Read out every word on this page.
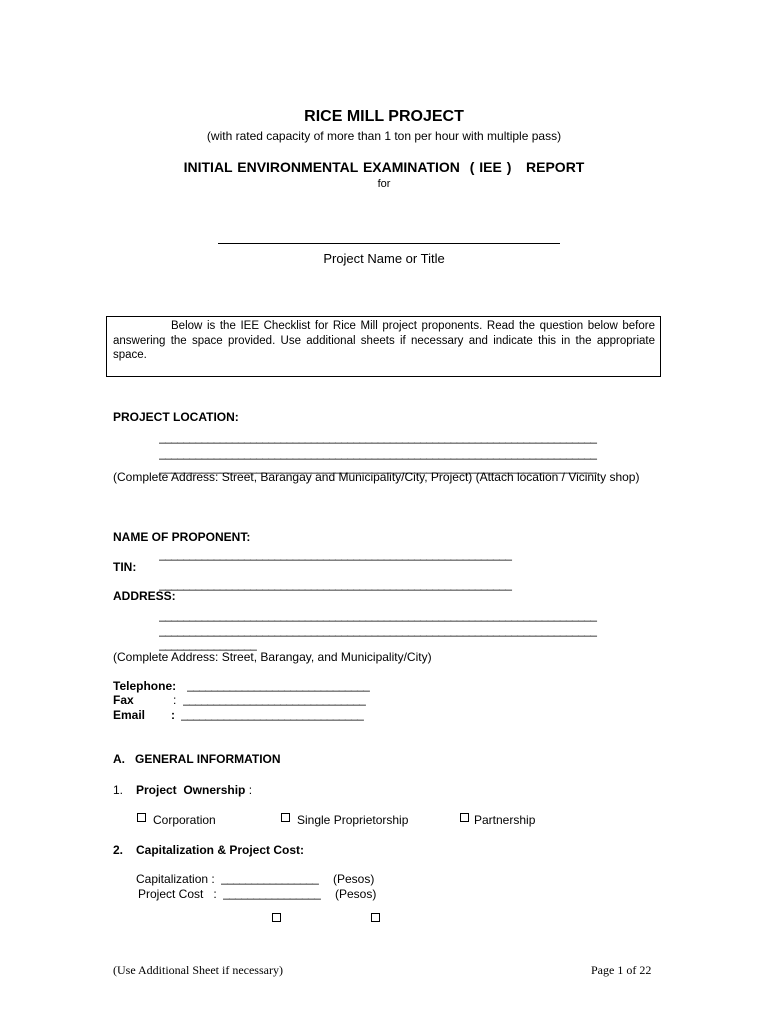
RICE MILL PROJECT
(with rated capacity of more than 1 ton per hour with multiple pass)
INITIAL ENVIRONMENTAL EXAMINATION  ( IEE )   REPORT
for
Project Name or Title

Below is the IEE Checklist for Rice Mill project proponents. Read the question below before answering the space provided. Use additional sheets if necessary and indicate this in the appropriate space.

PROJECT LOCATION:
________________________________________________________________________
________________________________________________________________________
________________________________________________________________________
(Complete Address: Street, Barangay and Municipality/City, Project) (Attach location / Vicinity shop)
NAME OF PROPONENT:
__________________________________________________________
TIN:
__________________________________________________________
ADDRESS:
________________________________________________________________________
________________________________________________________________________
________________
(Complete Address: Street, Barangay, and Municipality/City)
Telephone: ______________________________
Fax	: ______________________________
Email : ______________________________
A.   GENERAL INFORMATION
1. Project  Ownership :
Corporation	Single Proprietorship	Partnership
2. Capitalization & Project Cost:
Capitalization : ________________	(Pesos)
Project Cost   : ________________	(Pesos)
(Use Additional Sheet if necessary)	Page 1 of 22
